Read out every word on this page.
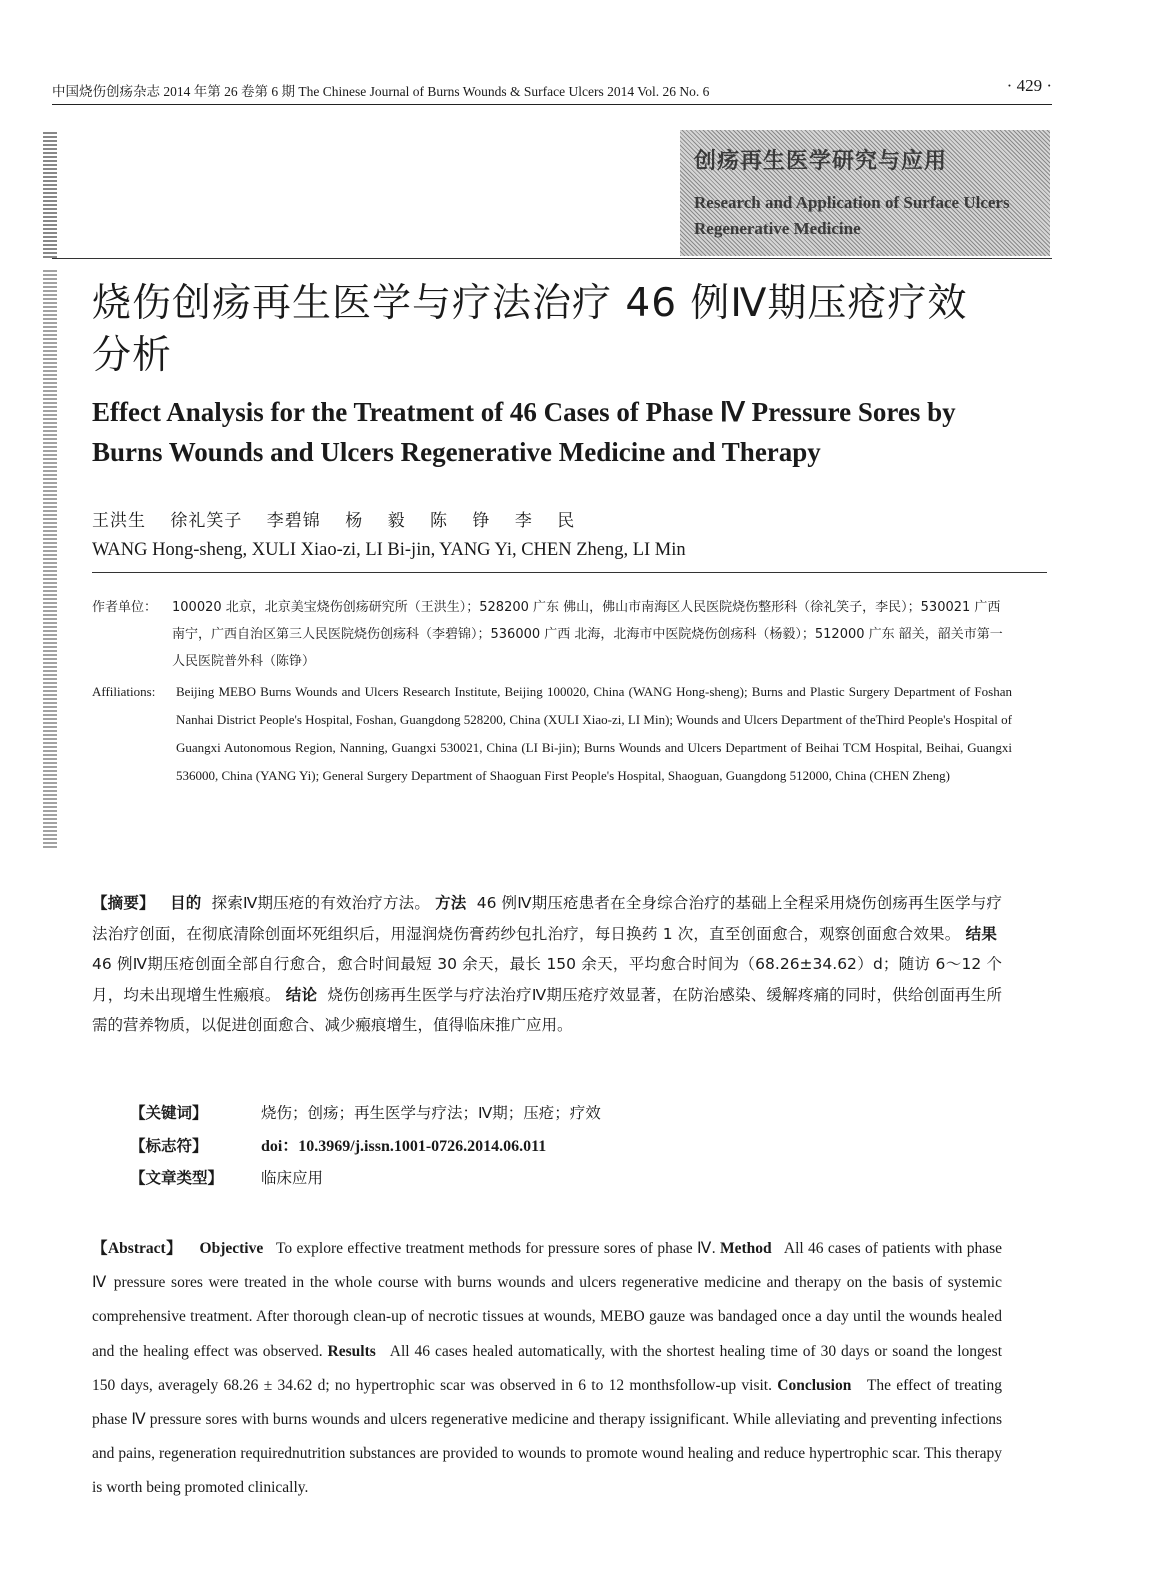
中国烧伤创疡杂志 2014 年第 26 卷第 6 期 The Chinese Journal of Burns Wounds & Surface Ulcers 2014 Vol. 26 No. 6	· 429 ·
创疡再生医学研究与应用
Research and Application of Surface Ulcers Regenerative Medicine
烧伤创疡再生医学与疗法治疗 46 例Ⅳ期压疮疗效分析
Effect Analysis for the Treatment of 46 Cases of Phase Ⅳ Pressure Sores by Burns Wounds and Ulcers Regenerative Medicine and Therapy
王洪生 徐礼笑子 李碧锦 杨 毅 陈 铮 李 民
WANG Hong-sheng, XULI Xiao-zi, LI Bi-jin, YANG Yi, CHEN Zheng, LI Min
作者单位： 100020 北京，北京美宝烧伤创疡研究所（王洪生）；528200 广东 佛山，佛山市南海区人民医院烧伤整形科（徐礼笑子，李民）；530021 广西 南宁，广西自治区第三人民医院烧伤创疡科（李碧锦）；536000 广西 北海，北海市中医院烧伤创疡科（杨毅）；512000 广东 韶关，韶关市第一人民医院普外科（陈铮）
Affiliations: Beijing MEBO Burns Wounds and Ulcers Research Institute, Beijing 100020, China (WANG Hong-sheng); Burns and Plastic Surgery Department of Foshan Nanhai District People's Hospital, Foshan, Guangdong 528200, China (XULI Xiao-zi, LI Min); Wounds and Ulcers Department of theThird People's Hospital of Guangxi Autonomous Region, Nanning, Guangxi 530021, China (LI Bi-jin); Burns Wounds and Ulcers Department of Beihai TCM Hospital, Beihai, Guangxi 536000, China (YANG Yi); General Surgery Department of Shaoguan First People's Hospital, Shaoguan, Guangdong 512000, China (CHEN Zheng)
【摘要】 目的 探索Ⅳ期压疮的有效治疗方法。 方法 46 例Ⅳ期压疮患者在全身综合治疗的基础上全程采用烧伤创疡再生医学与疗法治疗创面，在彻底清除创面坏死组织后，用湿润烧伤膏药纱包扎治疗，每日换药 1 次，直至创面愈合，观察创面愈合效果。 结果  46 例Ⅳ期压疮创面全部自行愈合，愈合时间最短 30 余天，最长 150 余天，平均愈合时间为（68.26±34.62）d；随访 6～12 个月，均未出现增生性瘢痕。 结论 烧伤创疡再生医学与疗法治疗Ⅳ期压疮疗效显著，在防治感染、缓解疼痛的同时，供给创面再生所需的营养物质，以促进创面愈合、减少瘢痕增生，值得临床推广应用。
【关键词】	烧伤；创疡；再生医学与疗法；Ⅳ期；压疮；疗效
【标志符】	doi：10.3969/j.issn.1001-0726.2014.06.011
【文章类型】 临床应用
【Abstract】 Objective To explore effective treatment methods for pressure sores of phase Ⅳ. Method All 46 cases of patients with phase Ⅳ pressure sores were treated in the whole course with burns wounds and ulcers regenerative medicine and therapy on the basis of systemic comprehensive treatment. After thorough clean-up of necrotic tissues at wounds, MEBO gauze was bandaged once a day until the wounds healed and the healing effect was observed. Results All 46 cases healed automatically, with the shortest healing time of 30 days or soand the longest 150 days, averagely 68.26 ± 34.62 d; no hypertrophic scar was observed in 6 to 12 monthsfollow-up visit. Conclusion The effect of treating phase Ⅳ pressure sores with burns wounds and ulcers regenerative medicine and therapy issignificant. While alleviating and preventing infections and pains, regeneration requirednutrition substances are provided to wounds to promote wound healing and reduce hypertrophic scar. This therapy is worth being promoted clinically.
